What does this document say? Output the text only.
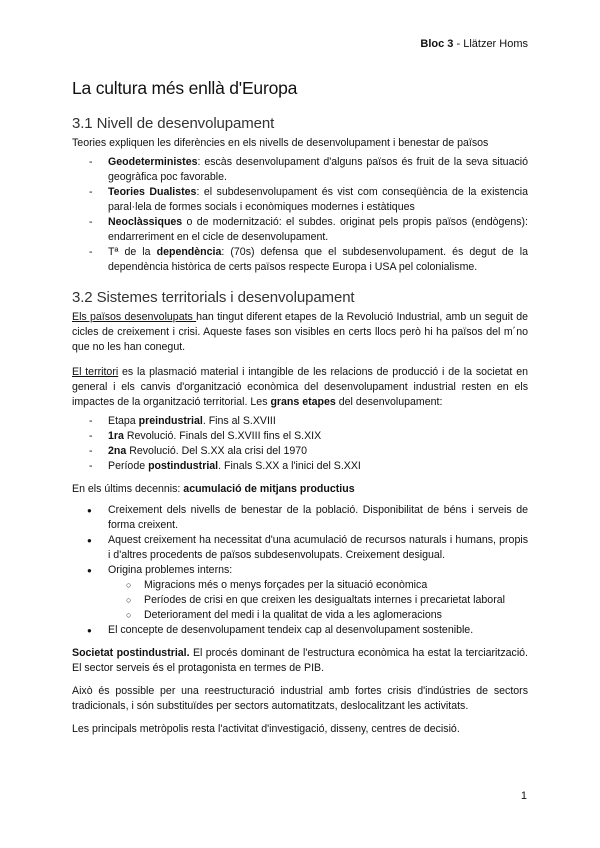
Bloc 3 - Llätzer Homs
La cultura més enllà d'Europa
3.1 Nivell de desenvolupament

Teories expliquen les diferències en els nivells de desenvolupament i benestar de països

- Geodeterministes: escàs desenvolupament d'alguns països és fruit de la seva situació geogràfica poc favorable.
- Teories Dualistes: el subdesenvolupament és vist com conseqüència de la existencia paral·lela de formes socials i econòmiques modernes i estàtiques
- Neoclàssiques o de modernització: el subdes. originat pels propis països (endògens): endarreriment en el cicle de desenvolupament.
- Tª de la dependència: (70s) defensa que el subdesenvolupament. és degut de la dependència històrica de certs països respecte Europa i USA pel colonialisme.
3.2 Sistemes territorials i desenvolupament

Els països desenvolupats han tingut diferent etapes de la Revolució Industrial, amb un seguit de cicles de creixement i crisi. Aqueste fases son visibles en certs llocs però hi ha països del m´no que no les han conegut.

El territori es la plasmació material i intangible de les relacions de producció i de la societat en general i els canvis d'organització econòmica del desenvolupament industrial resten en els impactes de la organització territorial. Les grans etapes del desenvolupament:

- Etapa preindustrial. Fins al S.XVIII
- 1ra Revolució. Finals del S.XVIII fins el S.XIX
- 2na Revolució. Del S.XX ala crisi del 1970
- Període postindustrial. Finals S.XX a l'inici del S.XXI

En els últims decennis: acumulació de mitjans productius

● Creixement dels nivells de benestar de la població. Disponibilitat de béns i serveis de forma creixent.
● Aquest creixement ha necessitat d'una acumulació de recursos naturals i humans, propis i d'altres procedents de països subdesenvolupats. Creixement desigual.
● Origina problemes interns:
○ Migracions més o menys forçades per la situació econòmica
○ Períodes de crisi en que creixen les desigualtats internes i precarietat laboral
○ Deteriorament del medi i la qualitat de vida a les aglomeracions
● El concepte de desenvolupament tendeix cap al desenvolupament sostenible.

Societat postindustrial. El procés dominant de l'estructura econòmica ha estat la terciarització. El sector serveis és el protagonista en termes de PIB.

Això és possible per una reestructuració industrial amb fortes crisis d'indústries de sectors tradicionals, i són substituïdes per sectors automatitzats, deslocalitzant les activitats.

Les principals metròpolis resta l'activitat d'investigació, disseny, centres de decisió.

1
